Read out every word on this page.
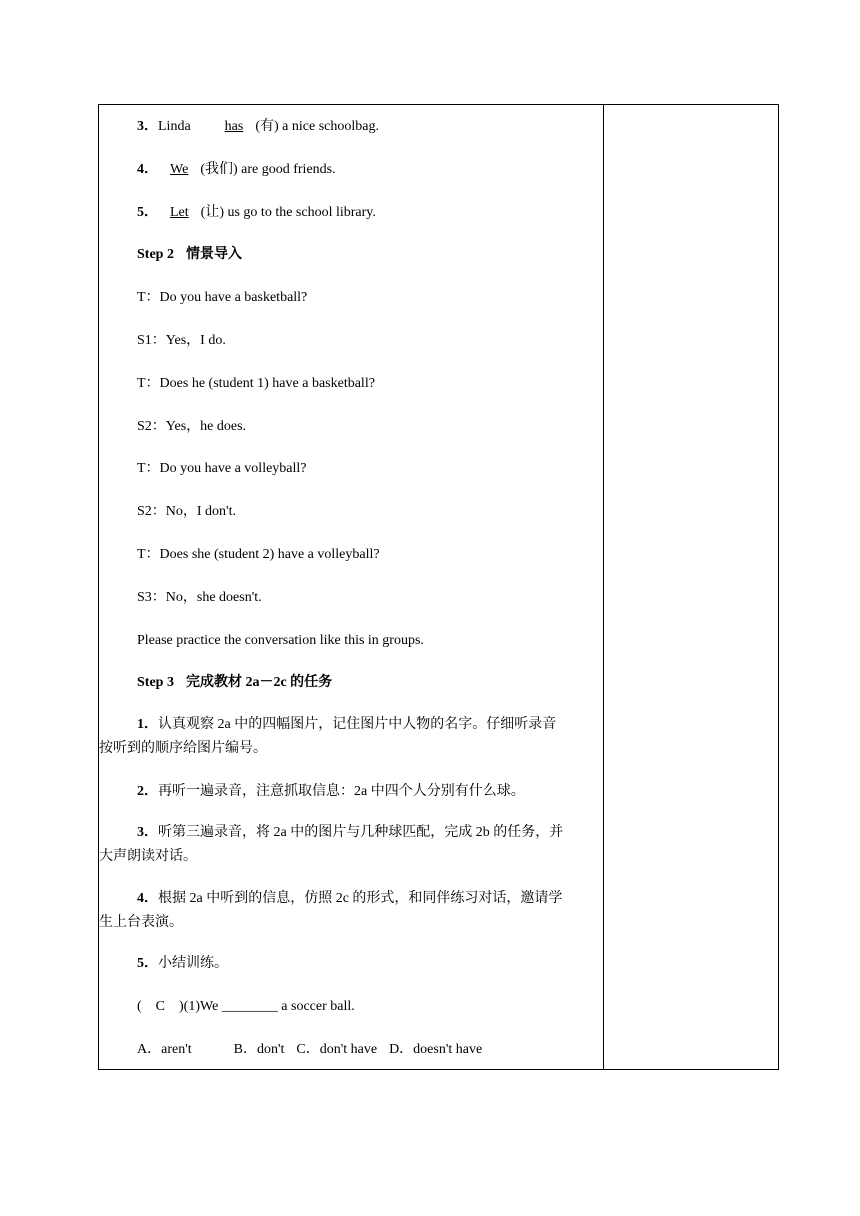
3．Linda has (有) a nice schoolbag.
4． We (我们) are good friends.
5． Let (让) us go to the school library.
Step 2 情景导入
T：Do you have a basketball?
S1：Yes，I do.
T：Does he (student 1) have a basketball?
S2：Yes，he does.
T：Do you have a volleyball?
S2：No，I don't.
T：Does she (student 2) have a volleyball?
S3：No，she doesn't.
Please practice the conversation like this in groups.
Step 3 完成教材 2a－2c 的任务
1．认真观察 2a 中的四幅图片，记住图片中人物的名字。仔细听录音
按听到的顺序给图片编号。
2．再听一遍录音，注意抓取信息：2a 中四个人分别有什么球。
3．听第三遍录音，将 2a 中的图片与几种球匹配，完成 2b 的任务，并
大声朗读对话。
4．根据 2a 中听到的信息，仿照 2c 的形式，和同伴练习对话，邀请学
生上台表演。
5．小结训练。
(　C　)(1)We ________ a soccer ball.
A．aren't	B．don't C．don't have D．doesn't have
